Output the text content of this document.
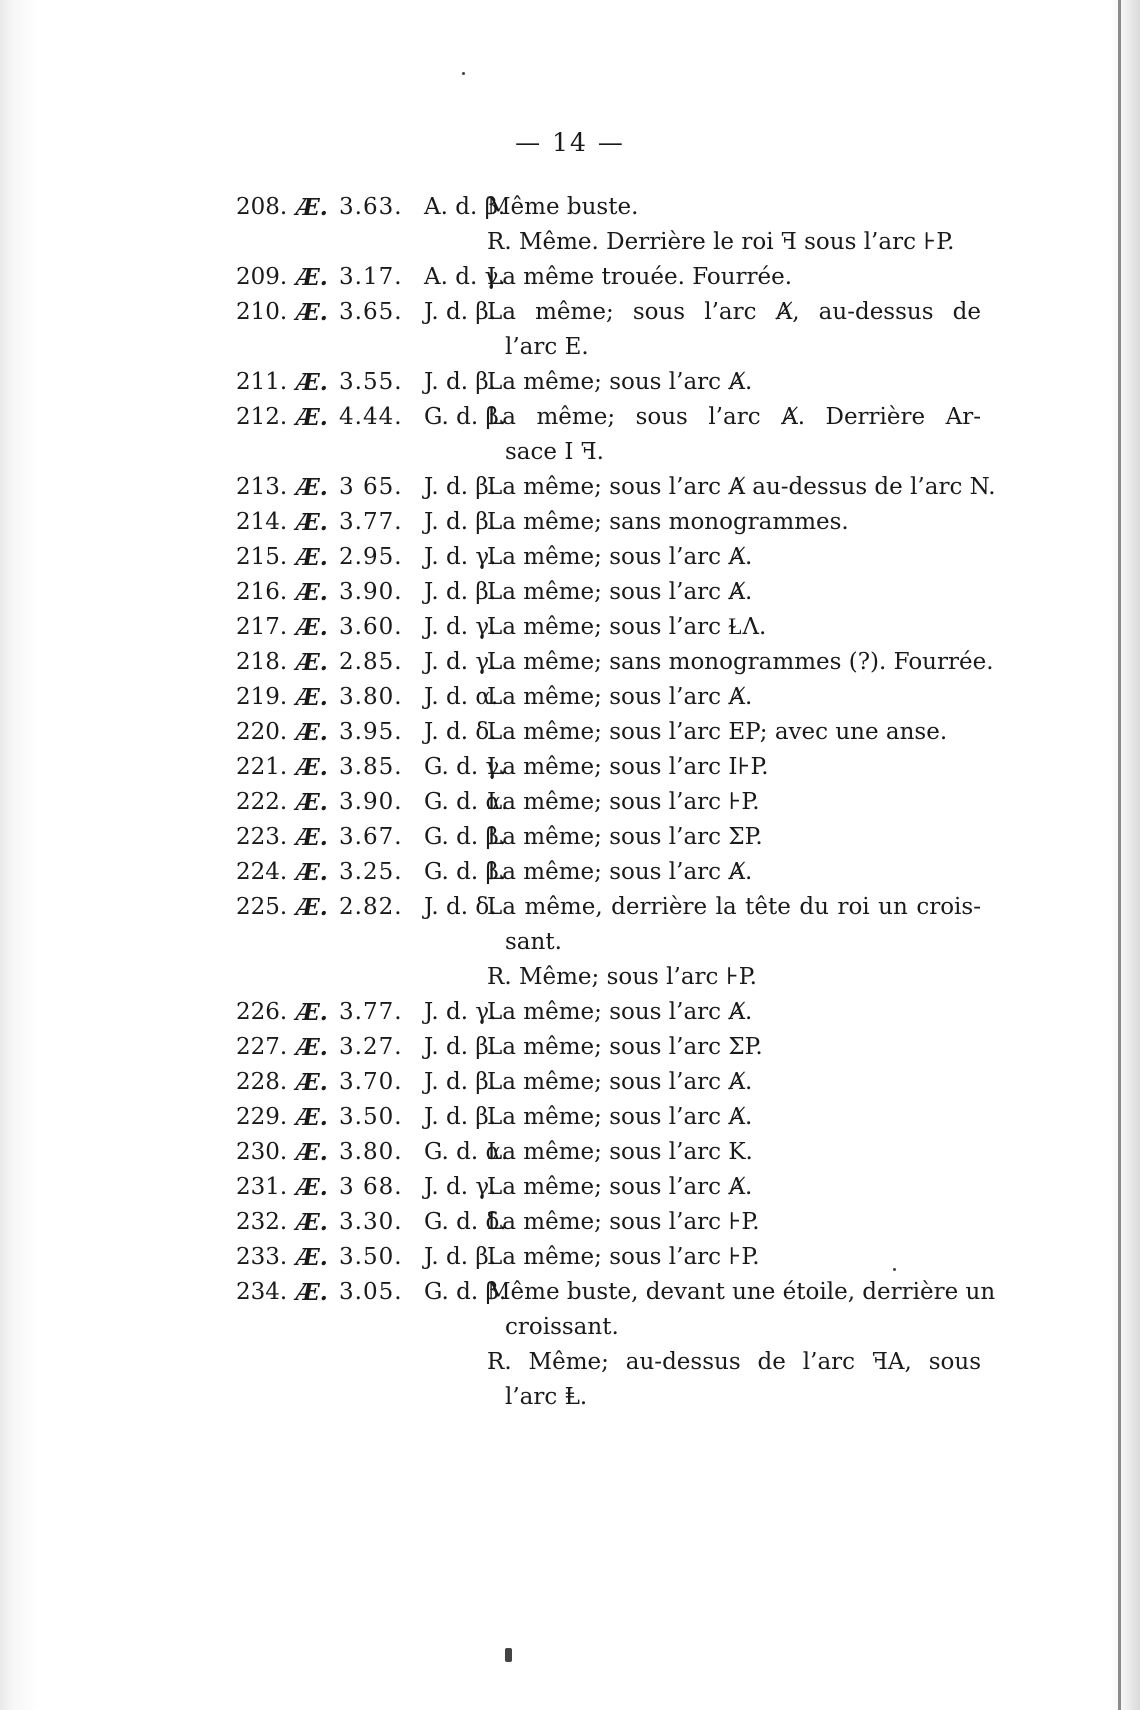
— 14 —
208. Æ. 3.63. A. d. β.
Même buste.
R. Même. Derrière le roi ꟻ sous l’arc ⊦P.
209. Æ. 3.17. A. d. γ.
La même trouée. Fourrée.
210. Æ. 3.65. J. d. β.
La même; sous l’arc Ⱥ, au-dessus de
l’arc E.
211. Æ. 3.55. J. d. β.
La même; sous l’arc Ⱥ.
212. Æ. 4.44. G. d. β.
La même; sous l’arc Ⱥ. Derrière Ar-
sace I ꟻ.
213. Æ. 3 65. J. d. β.
La même; sous l’arc Ⱥ au-dessus de l’arc N.
214. Æ. 3.77. J. d. β.
La même; sans monogrammes.
215. Æ. 2.95. J. d. γ.
La même; sous l’arc Ⱥ.
216. Æ. 3.90. J. d. β.
La même; sous l’arc Ⱥ.
217. Æ. 3.60. J. d. γ.
La même; sous l’arc ⱢΛ.
218. Æ. 2.85. J. d. γ.
La même; sans monogrammes (?). Fourrée.
219. Æ. 3.80. J. d. α.
La même; sous l’arc Ⱥ.
220. Æ. 3.95. J. d. δ.
La même; sous l’arc EP; avec une anse.
221. Æ. 3.85. G. d. γ.
La même; sous l’arc I⊦P.
222. Æ. 3.90. G. d. α.
La même; sous l’arc ⊦P.
223. Æ. 3.67. G. d. β.
La même; sous l’arc ΣP.
224. Æ. 3.25. G. d. β.
La même; sous l’arc Ⱥ.
225. Æ. 2.82. J. d. δ.
La même, derrière la tête du roi un crois-
sant.
R. Même; sous l’arc ⊦P.
226. Æ. 3.77. J. d. γ.
La même; sous l’arc Ⱥ.
227. Æ. 3.27. J. d. β.
La même; sous l’arc ΣP.
228. Æ. 3.70. J. d. β.
La même; sous l’arc Ⱥ.
229. Æ. 3.50. J. d. β.
La même; sous l’arc Ⱥ.
230. Æ. 3.80. G. d. α.
La même; sous l’arc K.
231. Æ. 3 68. J. d. γ.
La même; sous l’arc Ⱥ.
232. Æ. 3.30. G. d. δ.
La même; sous l’arc ⊦P.
233. Æ. 3.50. J. d. β.
La même; sous l’arc ⊦P.
234. Æ. 3.05. G. d. β.
Même buste, devant une étoile, derrière un
croissant.
R. Même; au-dessus de l’arc ꟻA, sous
l’arc Ⱡ.
